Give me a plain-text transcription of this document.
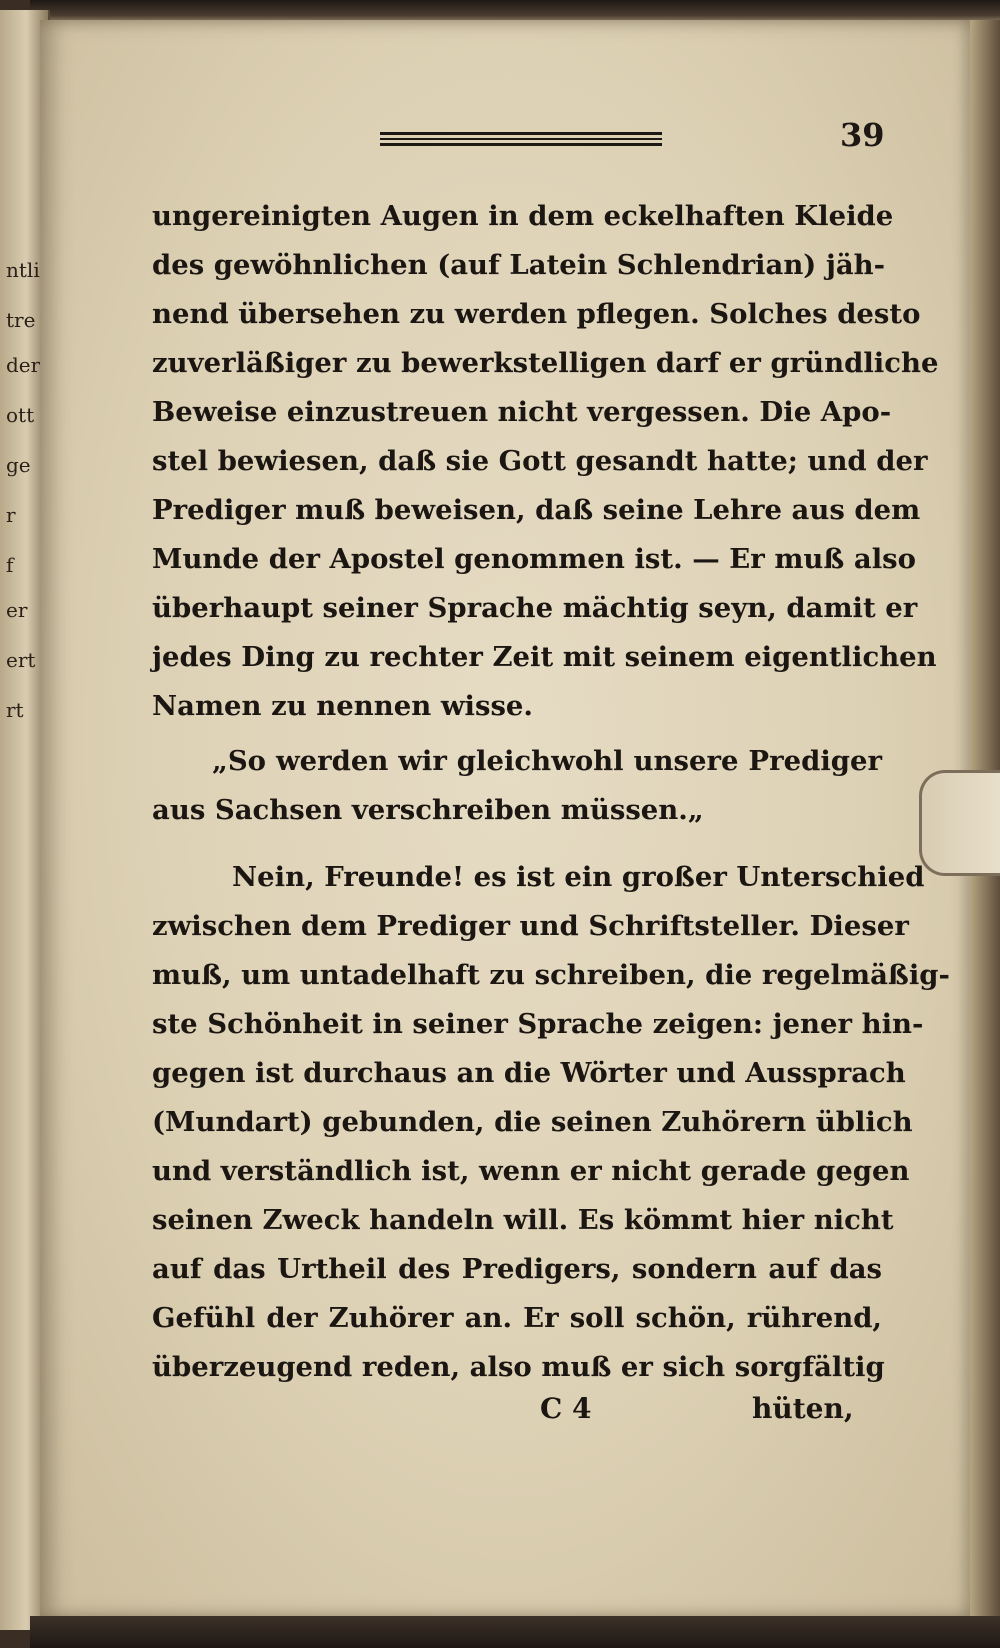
ntli
tre
der
ott
ge
r
f
er
ert
rt
39
ungereinigten Augen in dem eckelhaften Kleide
des gewöhnlichen (auf Latein Schlendrian) jäh-
nend übersehen zu werden pflegen. Solches desto
zuverläßiger zu bewerkstelligen darf er gründliche
Beweise einzustreuen nicht vergessen. Die Apo-
stel bewiesen, daß sie Gott gesandt hatte; und der
Prediger muß beweisen, daß seine Lehre aus dem
Munde der Apostel genommen ist. — Er muß also
überhaupt seiner Sprache mächtig seyn, damit er
jedes Ding zu rechter Zeit mit seinem eigentlichen
Namen zu nennen wisse.
„So werden wir gleichwohl unsere Prediger
aus Sachsen verschreiben müssen.„
Nein, Freunde! es ist ein großer Unterschied
zwischen dem Prediger und Schriftsteller. Dieser
muß, um untadelhaft zu schreiben, die regelmäßig-
ste Schönheit in seiner Sprache zeigen: jener hin-
gegen ist durchaus an die Wörter und Aussprach
(Mundart) gebunden, die seinen Zuhörern üblich
und verständlich ist, wenn er nicht gerade gegen
seinen Zweck handeln will. Es kömmt hier nicht
auf das Urtheil des Predigers, sondern auf das
Gefühl der Zuhörer an. Er soll schön, rührend,
überzeugend reden, also muß er sich sorgfältig
C 4	hüten,
